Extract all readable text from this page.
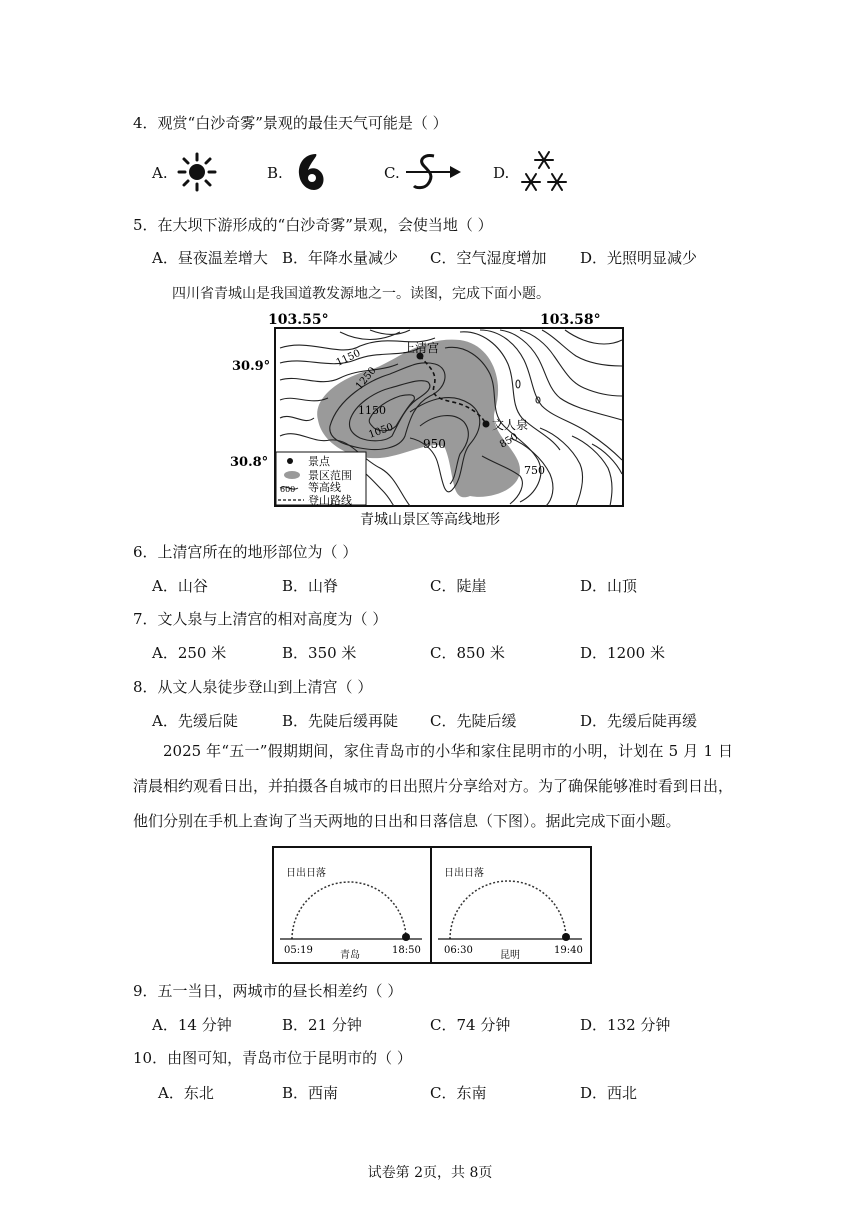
4．观赏“白沙奇雾”景观的最佳天气可能是（ ）
A.	B.	C.	D.
5．在大坝下游形成的“白沙奇雾”景观，会使当地（ ）
A．昼夜温差增大 B．年降水量减少 C．空气湿度增加 D．光照明显减少
四川省青城山是我国道教发源地之一。读图，完成下面小题。
103.55°	103.58°
30.9°
30.8°
上清宫
文人泉
1150
1250
1150
1050
950	850
750
景点
景区范围
600 等高线
登山路线
青城山景区等高线地形
6．上清宫所在的地形部位为（ ）
A．山谷	B．山脊	C．陡崖	D．山顶
7．文人泉与上清宫的相对高度为（ ）
A．250 米	B．350 米	C．850 米	D．1200 米
8．从文人泉徒步登山到上清宫（ ）
A．先缓后陡	B．先陡后缓再陡 C．先陡后缓	D．先缓后陡再缓
2025 年“五一”假期期间，家住青岛市的小华和家住昆明市的小明，计划在 5 月 1 日清晨相约观看日出，并拍摄各自城市的日出照片分享给对方。为了确保能够准时看到日出，他们分别在手机上查询了当天两地的日出和日落信息（下图）。据此完成下面小题。
日出日落
05:19	18:50
青岛
日出日落
06:30	19:40
昆明
9．五一当日，两城市的昼长相差约（ ）
A．14 分钟	B．21 分钟	C．74 分钟	D．132 分钟
10．由图可知，青岛市位于昆明市的（ ）
A．东北	B．西南	C．东南	D．西北
试卷第 2页，共 8页
